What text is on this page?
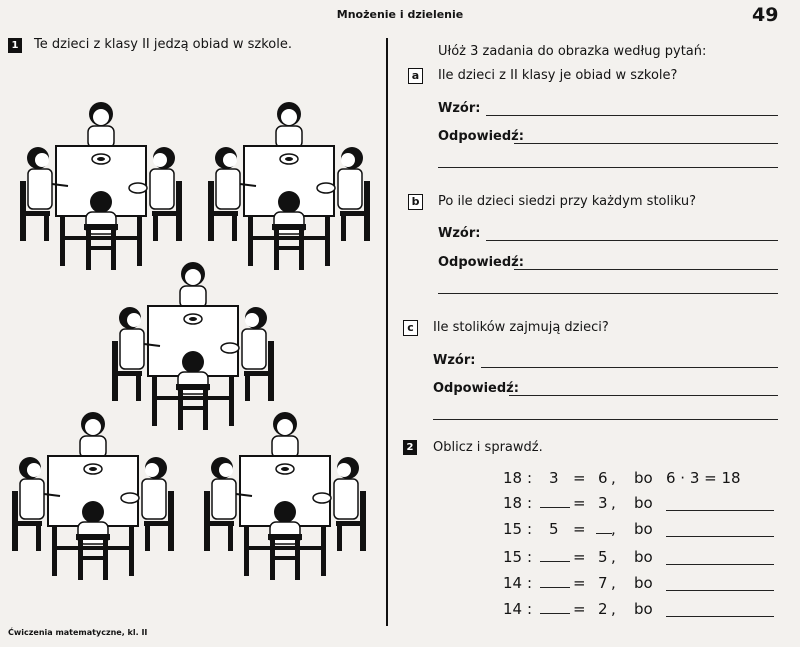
Mnożenie i dzielenie	49
1 Te dzieci z klasy II jedzą obiad w szkole.	Ułóż 3 zadania do obrazka według pytań:
a Ile dzieci z II klasy je obiad w szkole?
Wzór:
Odpowiedź:
b Po ile dzieci siedzi przy każdym stoliku?
Wzór:
Odpowiedź:
c	Ile stolików zajmują dzieci?
Wzór:
Odpowiedź:
2 Oblicz i sprawdź.
18 : 3 = 6 , bo 6 · 3 = 18
18 :	= 3 , bo
15 : 5 = , bo
15 :	= 5 , bo
14 :	= 7 , bo
14 :	= 2 , bo
Ćwiczenia matematyczne, kl. II
